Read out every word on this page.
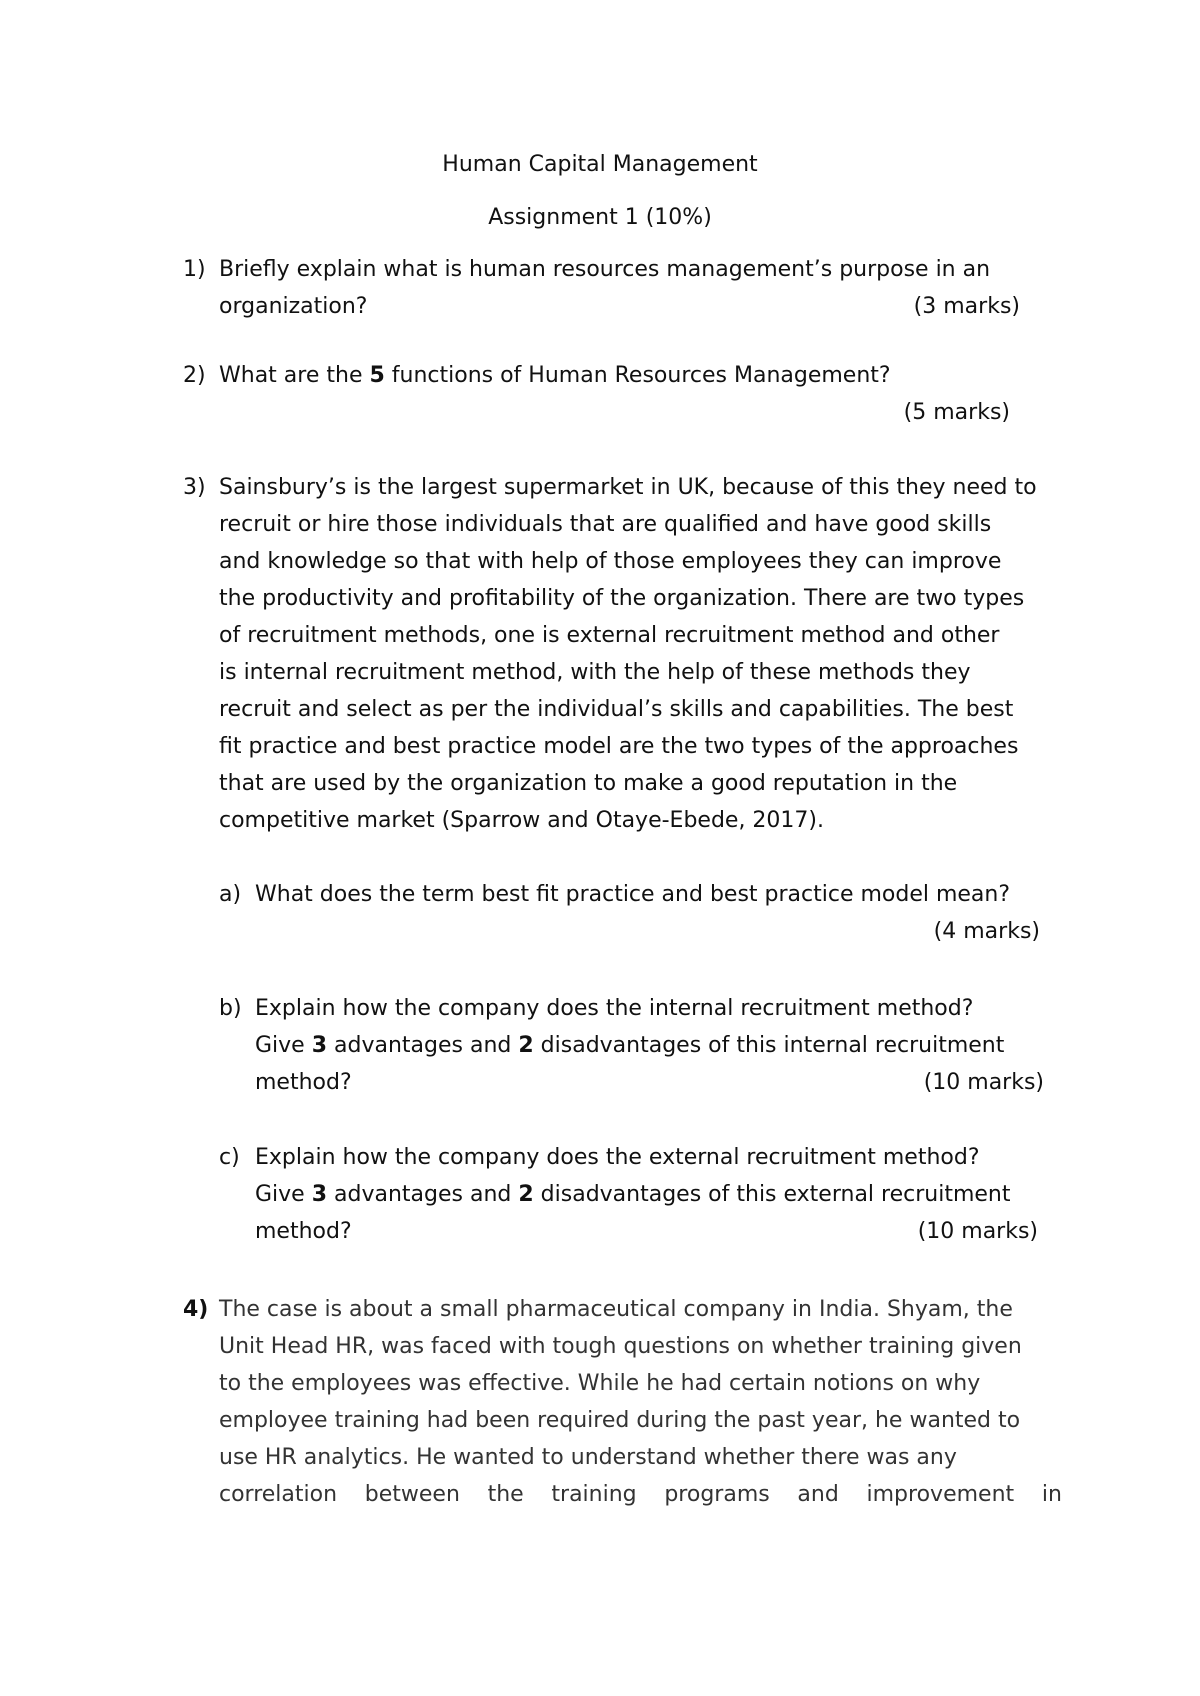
Human Capital Management
Assignment 1 (10%)
1) Briefly explain what is human resources management’s purpose in an
organization?	(3 marks)
2) What are the 5 functions of Human Resources Management?
(5 marks)
3) Sainsbury’s is the largest supermarket in UK, because of this they need to
recruit or hire those individuals that are qualified and have good skills
and knowledge so that with help of those employees they can improve
the productivity and profitability of the organization. There are two types
of recruitment methods, one is external recruitment method and other
is internal recruitment method, with the help of these methods they
recruit and select as per the individual’s skills and capabilities. The best
fit practice and best practice model are the two types of the approaches
that are used by the organization to make a good reputation in the
competitive market (Sparrow and Otaye-Ebede, 2017).
a) What does the term best fit practice and best practice model mean?
(4 marks)
b) Explain how the company does the internal recruitment method?
Give 3 advantages and 2 disadvantages of this internal recruitment
method?	(10 marks)
c) Explain how the company does the external recruitment method?
Give 3 advantages and 2 disadvantages of this external recruitment
method?	(10 marks)
4) The case is about a small pharmaceutical company in India. Shyam, the
Unit Head HR, was faced with tough questions on whether training given
to the employees was effective. While he had certain notions on why
employee training had been required during the past year, he wanted to
use HR analytics. He wanted to understand whether there was any
correlation between the training programs and improvement in
